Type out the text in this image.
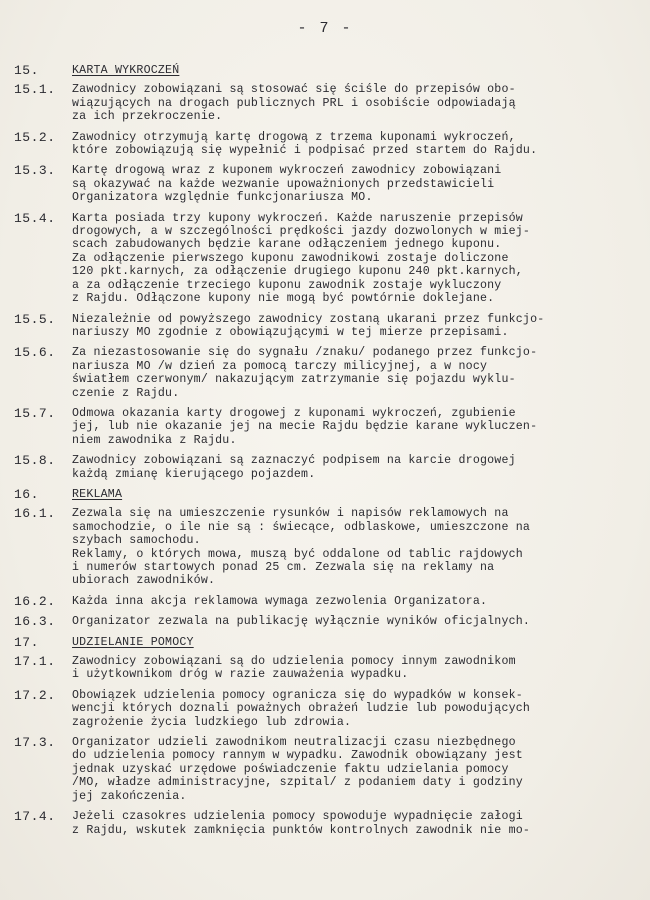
- 7 -
15.	KARTA WYKROCZEŃ
15.1.	Zawodnicy zobowiązani są stosować się ściśle do przepisów obo-
wiązujących na drogach publicznych PRL i osobiście odpowiadają
za ich przekroczenie.
15.2.	Zawodnicy otrzymują kartę drogową z trzema kuponami wykroczeń,
które zobowiązują się wypełnić i podpisać przed startem do Rajdu.
15.3.	Kartę drogową wraz z kuponem wykroczeń zawodnicy zobowiązani
są okazywać na każde wezwanie upoważnionych przedstawicieli
Organizatora względnie funkcjonariusza MO.
15.4.	Karta posiada trzy kupony wykroczeń. Każde naruszenie przepisów
drogowych, a w szczególności prędkości jazdy dozwolonych w miej-
scach zabudowanych będzie karane odłączeniem jednego kuponu.
Za odłączenie pierwszego kuponu zawodnikowi zostaje doliczone
120 pkt.karnych, za odłączenie drugiego kuponu 240 pkt.karnych,
a za odłączenie trzeciego kuponu zawodnik zostaje wykluczony
z Rajdu. Odłączone kupony nie mogą być powtórnie doklejane.
15.5.	Niezależnie od powyższego zawodnicy zostaną ukarani przez funkcjo-
nariuszy MO zgodnie z obowiązującymi w tej mierze przepisami.
15.6.	Za niezastosowanie się do sygnału /znaku/ podanego przez funkcjo-
nariusza MO /w dzień za pomocą tarczy milicyjnej, a w nocy
światłem czerwonym/ nakazującym zatrzymanie się pojazdu wyklu-
czenie z Rajdu.
15.7.	Odmowa okazania karty drogowej z kuponami wykroczeń, zgubienie
jej, lub nie okazanie jej na mecie Rajdu będzie karane wykluczen-
niem zawodnika z Rajdu.
15.8.	Zawodnicy zobowiązani są zaznaczyć podpisem na karcie drogowej
każdą zmianę kierującego pojazdem.
16.	REKLAMA
16.1.	Zezwala się na umieszczenie rysunków i napisów reklamowych na
samochodzie, o ile nie są : świecące, odblaskowe, umieszczone na
szybach samochodu.
Reklamy, o których mowa, muszą być oddalone od tablic rajdowych
i numerów startowych ponad 25 cm. Zezwala się na reklamy na
ubiorach zawodników.
16.2.	Każda inna akcja reklamowa wymaga zezwolenia Organizatora.
16.3.	Organizator zezwala na publikację wyłącznie wyników oficjalnych.
17.	UDZIELANIE POMOCY
17.1.	Zawodnicy zobowiązani są do udzielenia pomocy innym zawodnikom
i użytkownikom dróg w razie zauważenia wypadku.
17.2.	Obowiązek udzielenia pomocy ogranicza się do wypadków w konsek-
wencji których doznali poważnych obrażeń ludzie lub powodujących
zagrożenie życia ludzkiego lub zdrowia.
17.3.	Organizator udzieli zawodnikom neutralizacji czasu niezbędnego
do udzielenia pomocy rannym w wypadku. Zawodnik obowiązany jest
jednak uzyskać urzędowe poświadczenie faktu udzielania pomocy
/MO, władze administracyjne, szpital/ z podaniem daty i godziny
jej zakończenia.
17.4.	Jeżeli czasokres udzielenia pomocy spowoduje wypadnięcie załogi
z Rajdu, wskutek zamknięcia punktów kontrolnych zawodnik nie mo-
